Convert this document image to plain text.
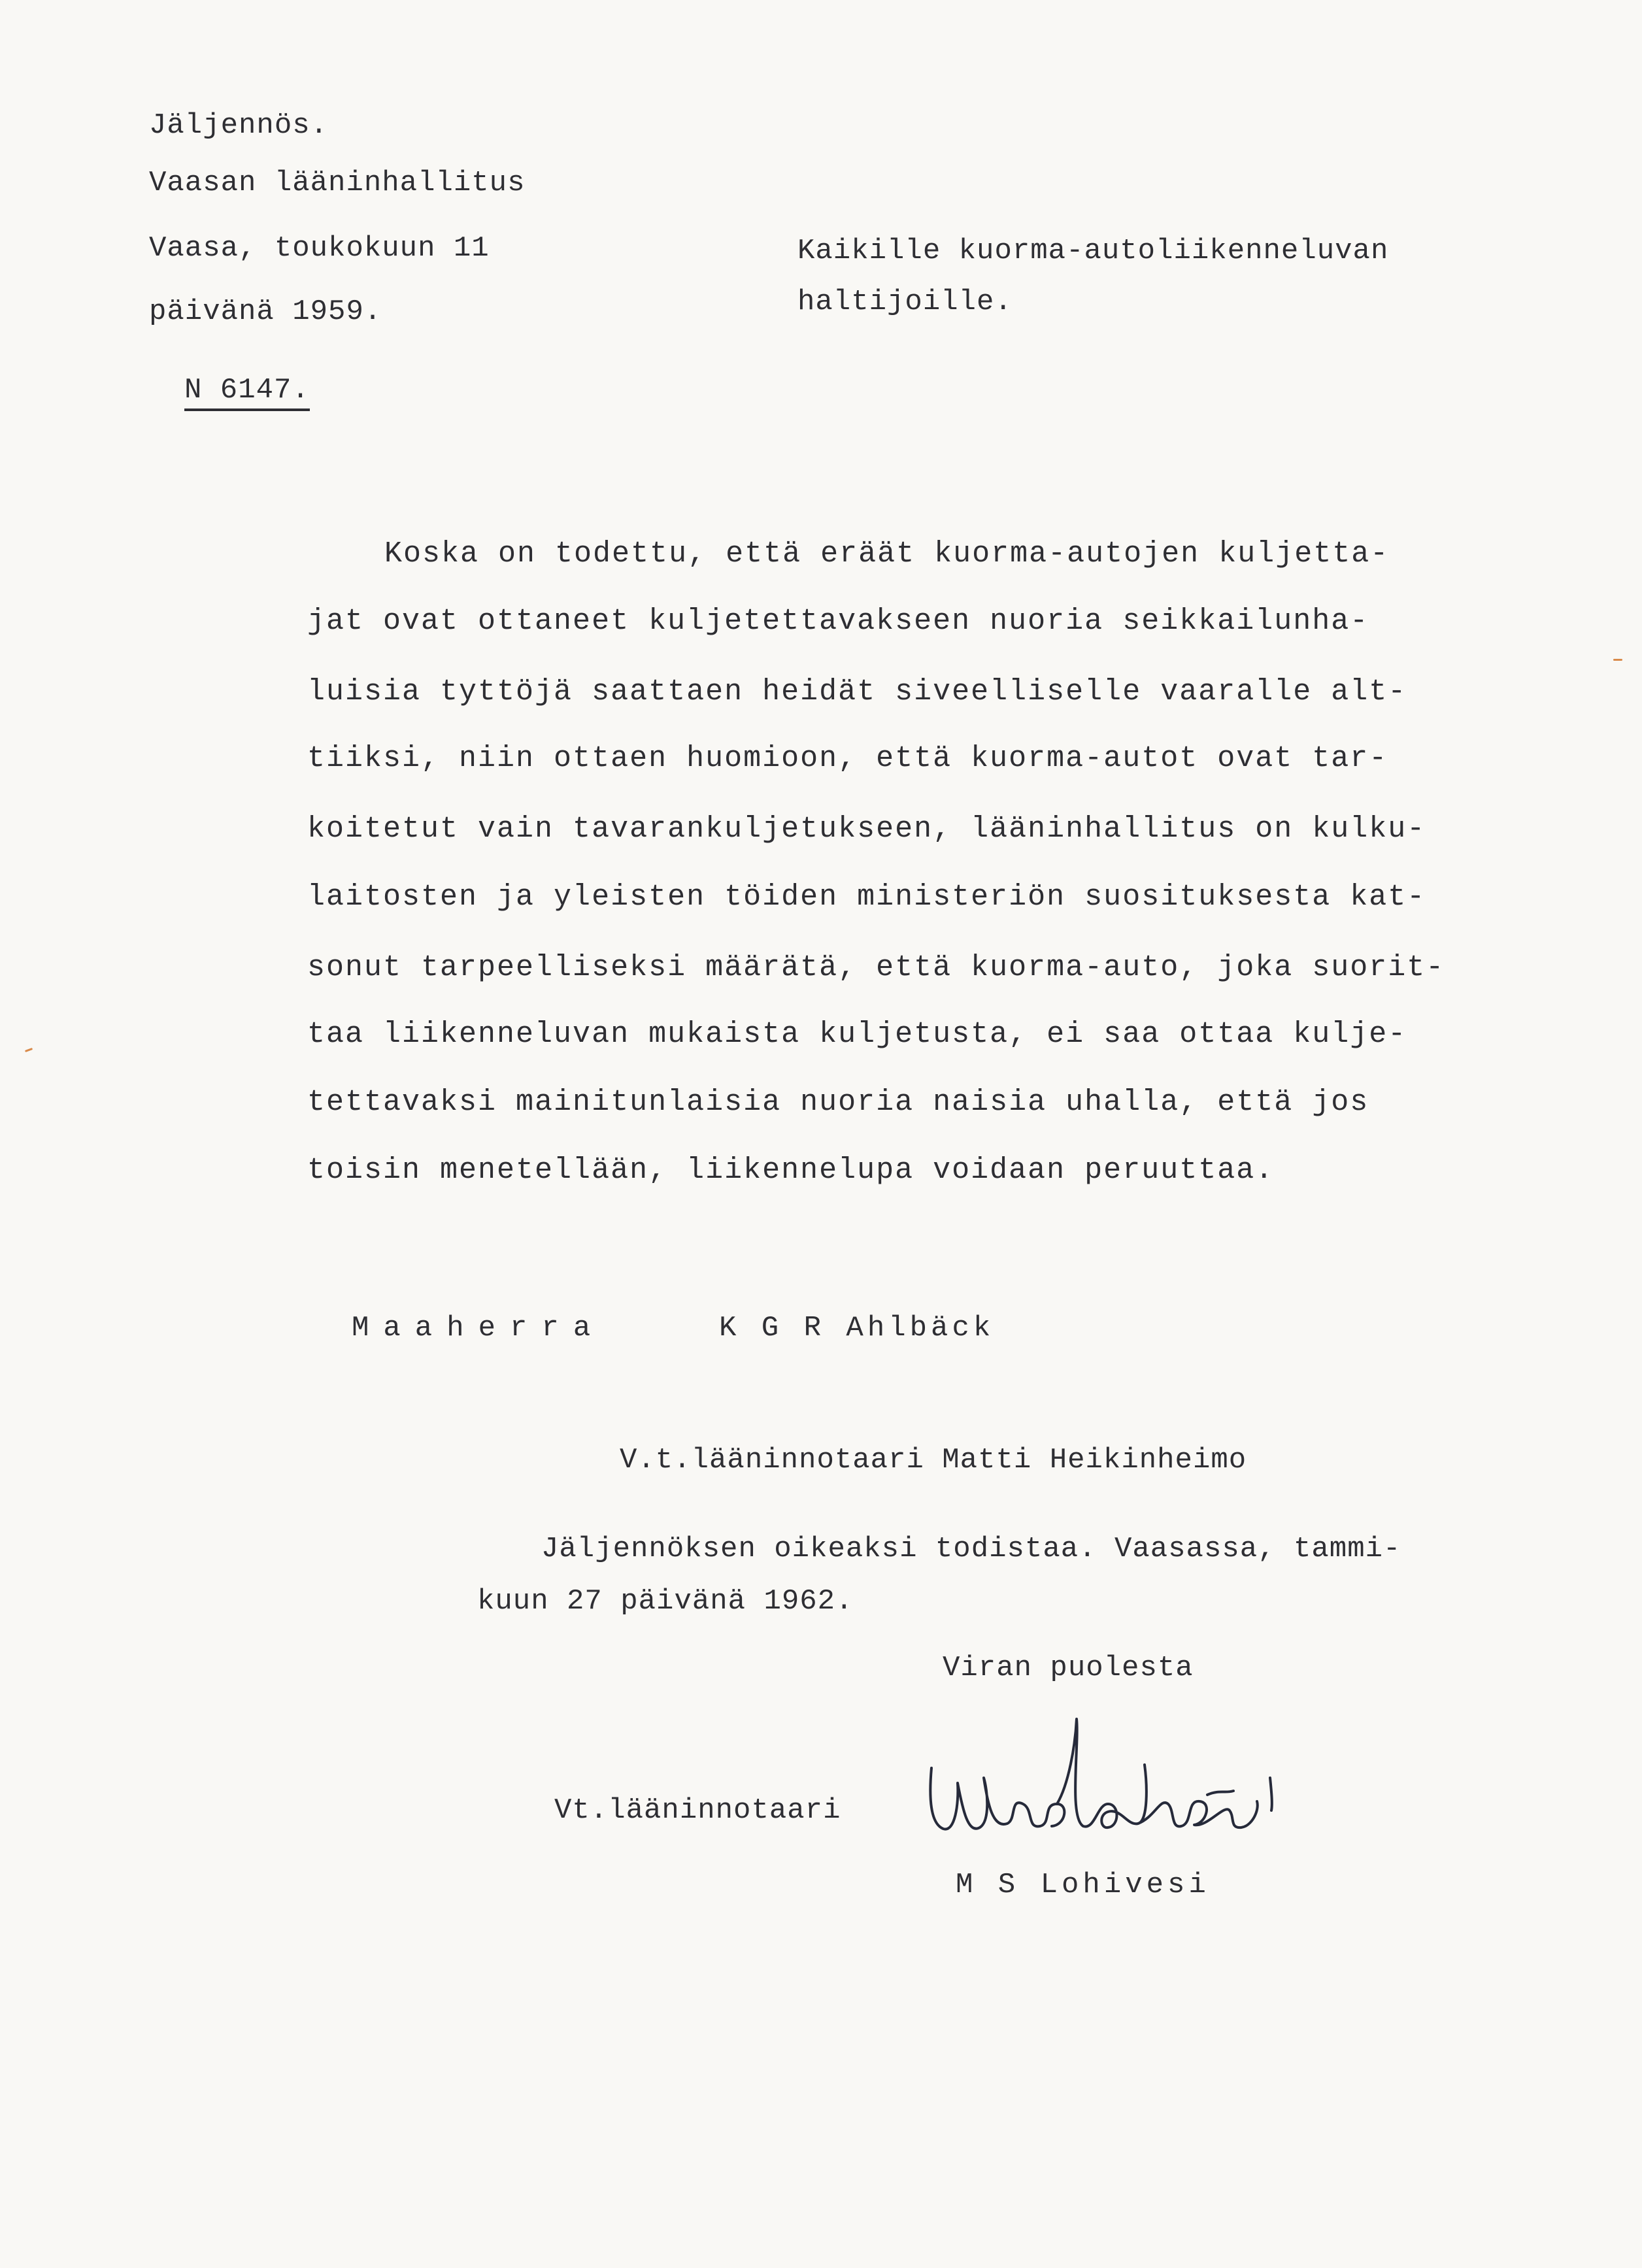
Jäljennös.
Vaasan lääninhallitus
Vaasa, toukokuun 11
päivänä 1959.
N 6147.
Kaikille kuorma-autoliikenneluvan
haltijoille.
Koska on todettu, että eräät kuorma-autojen kuljetta-
jat ovat ottaneet kuljetettavakseen nuoria seikkailunha-
luisia tyttöjä saattaen heidät siveelliselle vaaralle alt-
tiiksi, niin ottaen huomioon, että kuorma-autot ovat tar-
koitetut vain tavarankuljetukseen, lääninhallitus on kulku-
laitosten ja yleisten töiden ministeriön suosituksesta kat-
sonut tarpeelliseksi määrätä, että kuorma-auto, joka suorit-
taa liikenneluvan mukaista kuljetusta, ei saa ottaa kulje-
tettavaksi mainitunlaisia nuoria naisia uhalla, että jos
toisin menetellään, liikennelupa voidaan peruuttaa.
Maaherra	K G R Ahlbäck
V.t.lääninnotaari Matti Heikinheimo
Jäljennöksen oikeaksi todistaa. Vaasassa, tammi-
kuun 27 päivänä 1962.
Viran puolesta
Vt.lääninnotaari
M S Lohivesi
